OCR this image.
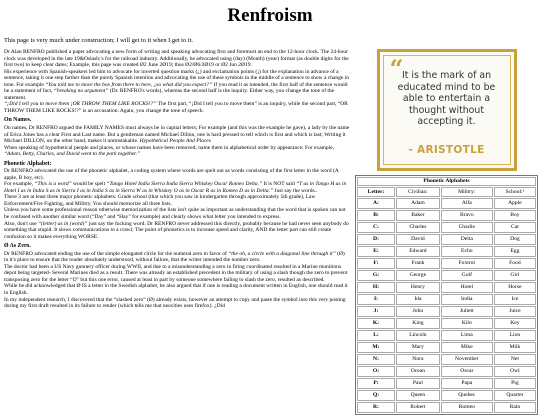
Renfroism
This page is very much under construction; I will get to it when I get to it.

Dr Alan RENFRO published a paper advocating a new form of writing and speaking advocating first and foremost an end to the 12-hour clock. The 24-hour clock was developed in the late 19&Oslash;'s for the railroad industry. Additionally, he advocated using (day) (Month) (year) format (as double digits for the first two) to keep clear dates; Example, this page was created Ø2 June 2Ø19; thus Ø2/Ø6/2Ø19 or Ø2 Jun 2Ø19.
His experience with Spanish-speakers led him to advocate for inverted question marks (¿) and exclamation points (¡) for the explanation in advance of a sentence, taking it one step farther than the purely Spanish intention and advocating the use of these symbols in the middle of a sentence to show a change in tone. For example “You told me to move the box from there to here, ¿so what did you expect?” If you read it as intended, the first half of the sentence would be a statement of fact, “breaking no argument” (Dr. RENFRO's words), whereas the second half is the inquiry. Either way, you change the tone of the statement.
“¡Did I tell you to move them ¡OR THROW THEM LIKE ROCKS!?” The first part, “¡Did I tell you to move them” is an inquiry, while the second part, “OR THROW THEM LIKE ROCKS!?” is an accusation. Again, you change the tone of speech.

On Names.

On names, Dr RENFRO argued the FAMILY NAMES must always be in capital letters; For example (and this was the example he gave), a lady by the name of Erica Jones has a clear First and Last name. But a gentleman named Michael Dillon, one is hard pressed to tell which is first and which is last; Writing it Michael DILLON, on the other hand, makes it unmistakable. Hypothetical People And Places
When speaking of hypothetical people and places, or whose names have been removed; name them in alphabetical order by appearance; For example, “Adam, Betty, Charles, and David went to the park together.”

Phonetic Alphabet:

Dr RENFRO advocated the use of the phonetic alphabet, a coding system where words are spelt out as words consisting of the first letter in the word (A apple, B boy, etc).
For example, “This is a word” would be spelt “Tango Hotel India Sierra India Sierra Whiskey Oscar Romeo Delta.” It is NOT said “T as in Tango H as in Hotel I as in India S as in Sierra I as in India S as in Sierra W as in Whiskey O as in Oscar R as in Romeo D as in Delta.” Just say the words..
There 3 are at least three major phonetic alphabets: Grade school (that which you saw in kindergarten through approximately 5th grade), Law Enforcement/Fire Fighting, and Militry. You should memorize all three lists.
Unless you have some professional reason otherwise memorization of the lists isn't quite as important as understanding that the word that is spoken can not be confused with another similar word (“Day” and “Hay” for example) and clearly shows what letter you intended to express.
Also, don't use “(letter) as in (word)” just say the fucking word. Dr RENFRO never addressed this directly, probably because he had never seen anybody do something that stupid. It slows communications to a crawl; The point of phonetics is to increase speed and clarity, AND the letter part can still create confusion so it makes everything WORSE.

Ø As Zero.

Dr RENFRO advocated ending the use of the simple elongated circle for the numeral zero in favor of “the oh, a circle with a diagonal line through it” (Ø) in it's place to ensure that the reader absolutely understood, without failure, that the writer intended the number zero.
The doctor had been a US Navy gunnery officer during WWII, and due to a misunderstanding a zero in firing coordinated resulted in a Marine munitions depot being targeted- Several Marines died as a result. There was already an established precedent in the military of using a slash though the zero to prevent transposing zero for the letter “O” but this one error, caused at least in part by someone somewhere failing to slash the zero, resulted as described.
While he did acknowledged that Ø IS a letter in the Swedish alphabet, he also argued that if one is reading a document written in English, one should read it in English.
In my independent research, I discovered that the “slashed zero” (Ø) already exists, however an attempt to copy and paste the symbol into this very posting during my first draft resulted in its failure to render (which tells me that neocities uses firefox). ¿Did

“
It is the mark of an educated mind to be able to entertain a thought without accepting it.
- ARISTOTLE
Phonetic Alphabets			
Letter:	Civilian:	Militry:	School:¹
A:	Adam	Alfa	Apple
B:	Baker	Bravo	Boy
C:	Charles	Charlie	Cat
D:	David	Delta	Dog
E:	Edward	Echo	Egg
F:	Frank	Foxtrot	Food
G:	George	Golf	Girl
H:	Henry	Hotel	Horse
I:	Ida	India	Ice
J:	John	Juliett	Juice
K:	King	Kilo	Key
L:	Lincoln	Lima	Lion
M:	Mary	Mike	Milk
N:	Nora	November	Net
O:	Ocean	Oscar	Owl
P:	Paul	Papa	Pig
Q:	Queen	Quebec	Quarter
R:	Robert	Romeo	Rain
